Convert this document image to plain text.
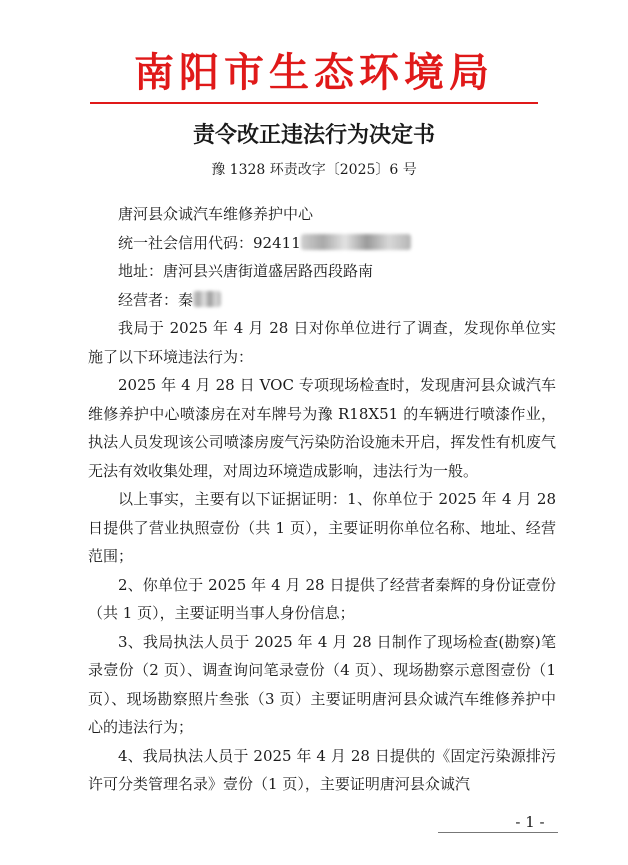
南阳市生态环境局
责令改正违法行为决定书
豫 1328 环责改字〔2025〕6 号

唐河县众诚汽车维修养护中心

统一社会信用代码：92411

地址：唐河县兴唐街道盛居路西段路南

经营者：秦

我局于 2025 年 4 月 28 日对你单位进行了调查，发现你单位实施了以下环境违法行为：

2025 年 4 月 28 日 VOC 专项现场检查时，发现唐河县众诚汽车维修养护中心喷漆房在对车牌号为豫 R18X51 的车辆进行喷漆作业，执法人员发现该公司喷漆房废气污染防治设施未开启，挥发性有机废气无法有效收集处理，对周边环境造成影响，违法行为一般。

以上事实，主要有以下证据证明：1、你单位于 2025 年 4 月 28 日提供了营业执照壹份（共 1 页），主要证明你单位名称、地址、经营范围；

2、你单位于 2025 年 4 月 28 日提供了经营者秦辉的身份证壹份（共 1 页），主要证明当事人身份信息；

3、我局执法人员于 2025 年 4 月 28 日制作了现场检查(勘察)笔录壹份（2 页）、调查询问笔录壹份（4 页）、现场勘察示意图壹份（1 页）、现场勘察照片叁张（3 页）主要证明唐河县众诚汽车维修养护中心的违法行为；

4、我局执法人员于 2025 年 4 月 28 日提供的《固定污染源排污许可分类管理名录》壹份（1 页），主要证明唐河县众诚汽

- 1 -
